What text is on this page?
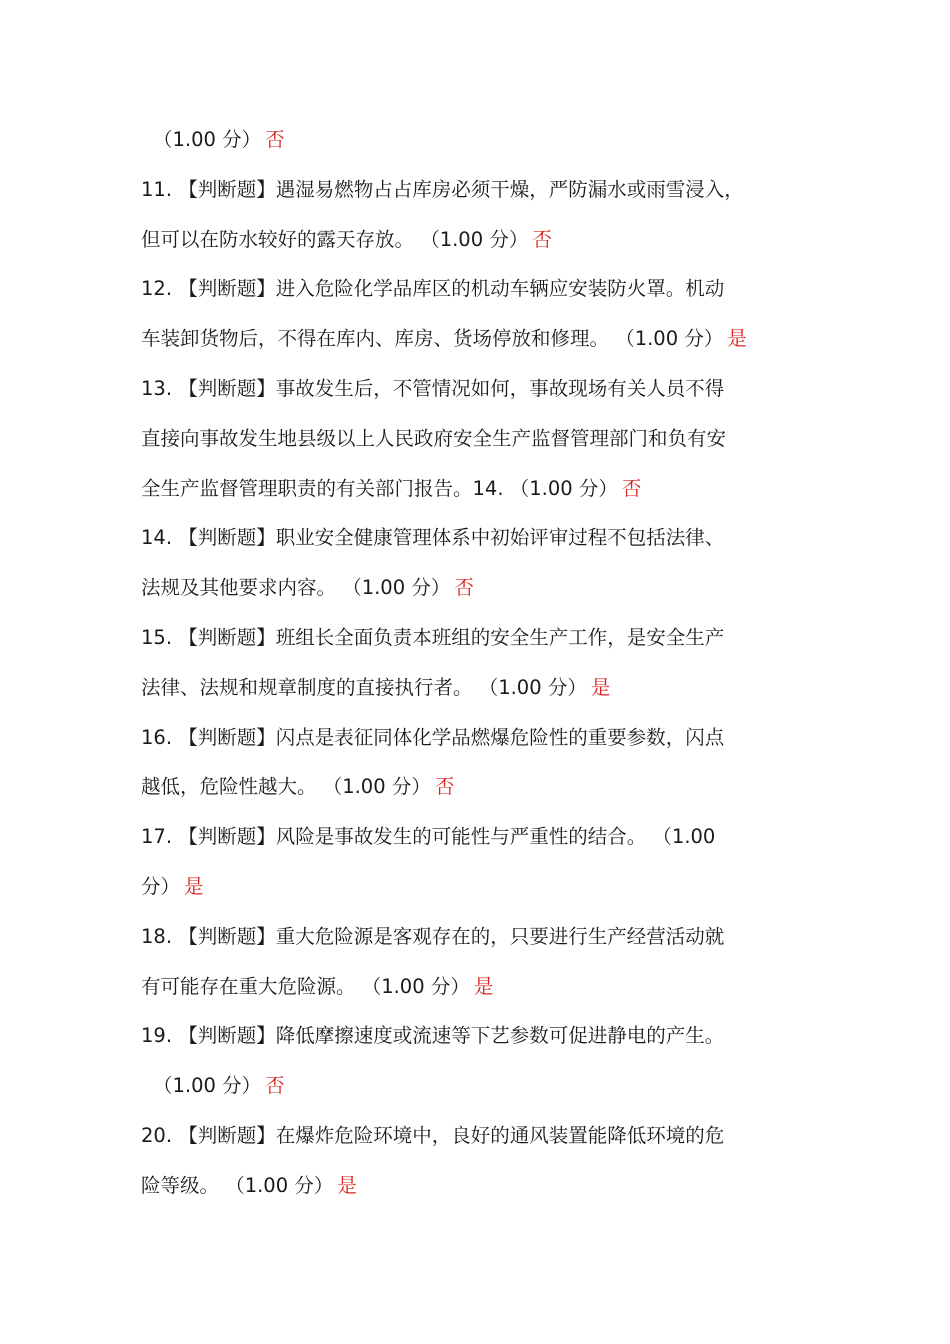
（1.00 分） 否
11. 【判断题】遇湿易燃物占占库房必须干燥，严防漏水或雨雪浸入，
但可以在防水较好的露天存放。 （1.00 分） 否
12. 【判断题】进入危险化学品库区的机动车辆应安装防火罩。机动
车装卸货物后，不得在库内、库房、货场停放和修理。 （1.00 分） 是
13. 【判断题】事故发生后，不管情况如何，事故现场有关人员不得
直接向事故发生地县级以上人民政府安全生产监督管理部门和负有安
全生产监督管理职责的有关部门报告。14. （1.00 分） 否
14. 【判断题】职业安全健康管理体系中初始评审过程不包括法律、
法规及其他要求内容。 （1.00 分） 否
15. 【判断题】班组长全面负责本班组的安全生产工作，是安全生产
法律、法规和规章制度的直接执行者。 （1.00 分） 是
16. 【判断题】闪点是表征同体化学品燃爆危险性的重要参数，闪点
越低，危险性越大。 （1.00 分） 否
17. 【判断题】风险是事故发生的可能性与严重性的结合。 （1.00
分） 是
18. 【判断题】重大危险源是客观存在的，只要进行生产经营活动就
有可能存在重大危险源。 （1.00 分） 是
19. 【判断题】降低摩擦速度或流速等下艺参数可促进静电的产生。
（1.00 分） 否
20. 【判断题】在爆炸危险环境中，良好的通风装置能降低环境的危
险等级。 （1.00 分） 是
